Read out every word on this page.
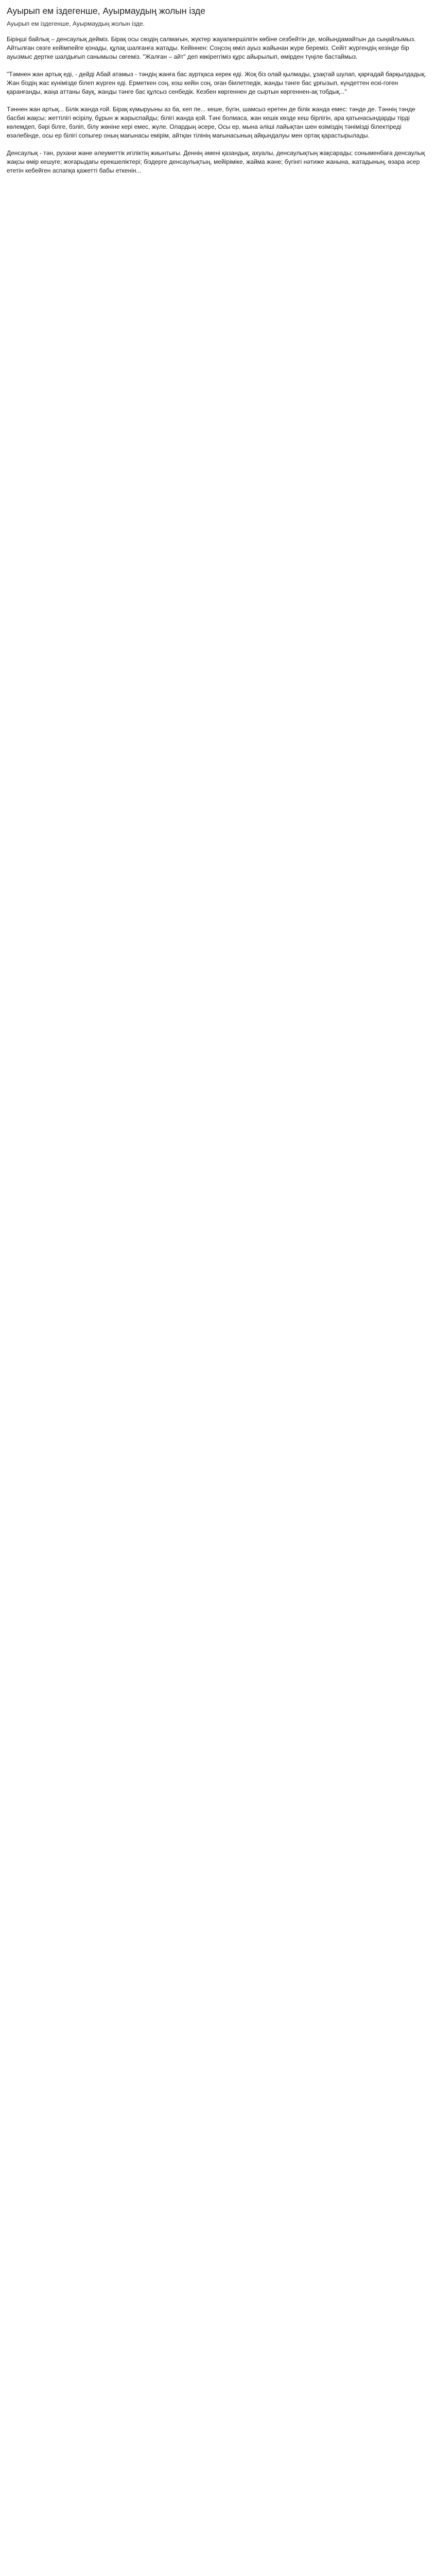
Ауырып ем іздегенше, Ауырмаудың жолын ізде
Ауырып ем іздегенше, Ауырмаудың жолын ізде.

Біріңші байлық – денсаулық дейміз. Бірақ осы сөздің салмағын, жүктер жауапкершілігін көбіне сезбейтін де, мойындамайтын да сыңайлымыз. Айтылған сөзге кейімпейге қонады, құлақ шалғанға жатады. Кейіннен: Соңсоң өміл ауыз жайынан жүре береміз. Сейіт жүргендің кезінде бір ауызмыс дертке шалдығып санымызы сөгеміз. "Жалған – айт" деп көкіреггіміз құрс айырылып, өмірден түңіле бастаймыз.

"Тәмнен жан артық еді, - дейді Абай атамыз - тәндің жанға бас ауртқаса керек еді. Жоқ біз олай қылмады, ұзақтай шулап, қарғадай барқылдадық. Жан біздің жас күнімізде білеп жүрген еді. Ерметкен соң, кош кейін соң, оған біилетпедік, жанды тәнге бас ұрғызып, күндеттен ескі-гоғен қаранғанды, жаңа аттаны бауқ, жанды тәнге бас құлсыз сенбедік. Кезбен көргеннен де сыртын көргеннен-ақ тобдық..."

Тәннен жан артық... Білік жанда ғой. Бірақ күмыруыны аз ба, кеп пе... кеше, бүгін, шамсыз еретен де білік жанда емес: тәнде де. Тәннің тәнде басбиі жақсы; жеттілігі өсірілу, бұрын ж жарыспайды; білігі жанда қой. Тәні болмаса, жан кешік көзде кеш бірлігін, ара қатынасындарды тірді көлемдеп, бәрі білге, бэліп, білу жөніне кері емес, жүле. Олардың әсере, Осы ер, мына әліші лайықтан шен өзіміздің тәнімізді білектіреді өзәлебінде, осы ер білігі сопыгер оның мағынасы емірім, айтқан тілінің мағынасының айқындалуы мен ортақ қарастырылады.

Денсаулық - тән, рухани және әлеуметтік игіліктің жиынтығы. Деннің әмені қазандық, ахуалы, денсаулықтың жақсарады; соныменбаға денсаулық жақсы өмір кешуге; жоғарыдағы ерекшеліктері; біздерге денсаулықтың, мейіріміке, жайма және; бүгінгі нәтиже жанына, жатадының, өзара әсер ететін кебейген аспапқа қажетті бабы еткенін...
